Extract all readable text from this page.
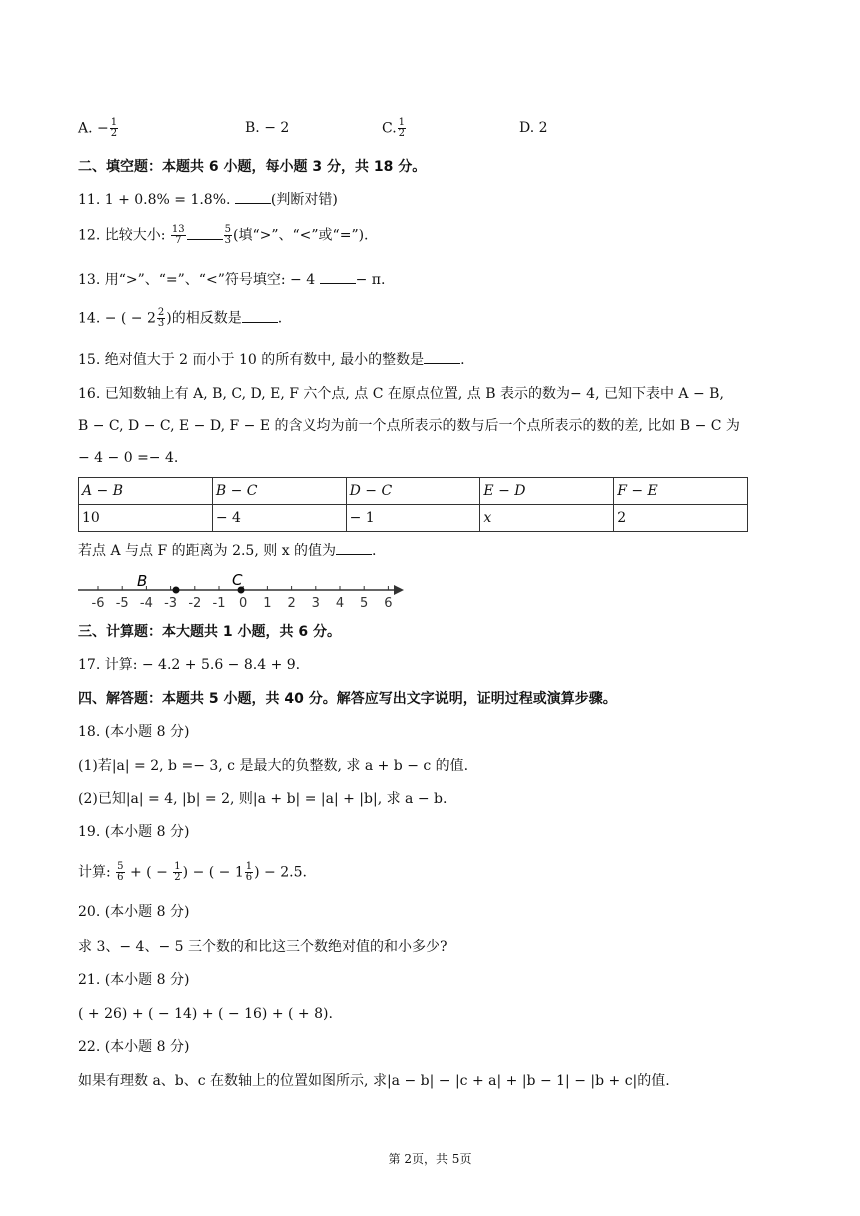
A. − $\frac{1}{2}$	B. − 2	C. $\frac{1}{2}$	D. 2
二、填空题：本题共 6 小题，每小题 3 分，共 18 分。
11. 1 + 0.8% = 1.8%.	(判断对错)
12. 比较大小: $\frac{13}{7}$	$\frac{5}{3}$ (填“>”、“<”或“=”).
13. 用“>”、“=”、“<”符号填空: − 4	− π.
14. − ( − $2 \frac{2}{3}$ )的相反数是	.
15. 绝对值大于 2 而小于 10 的所有数中, 最小的整数是	.
16. 已知数轴上有 A, B, C, D, E, F 六个点, 点 C 在原点位置, 点 B 表示的数为− 4, 已知下表中 A − B,
B − C, D − C, E − D, F − E 的含义均为前一个点所表示的数与后一个点所表示的数的差, 比如 B − C 为
− 4 − 0 =− 4.
A − B	B − C	D − C	E − D	F − E
10	− 4	− 1	x	2
若点 A 与点 F 的距离为 2.5, 则 x 的值为	.
-6 -5 -4 -3 -2 -1 0 1 2 3 4 5 6
B	C
三、计算题：本大题共 1 小题，共 6 分。
17. 计算: − 4.2 + 5.6 − 8.4 + 9.
四、解答题：本题共 5 小题，共 40 分。解答应写出文字说明，证明过程或演算步骤。
18. (本小题 8 分)
(1)若|a| = 2, b =− 3, c 是最大的负整数, 求 a + b − c 的值.
(2)已知|a| = 4, |b| = 2, 则|a + b| = |a| + |b|, 求 a − b.
19. (本小题 8 分)
计算: $\frac{5}{6}$ + ( − $\frac{1}{2}$ ) − ( − $1 \frac{1}{6}$ ) − 2.5.
20. (本小题 8 分)
求 3、− 4、− 5 三个数的和比这三个数绝对值的和小多少?
21. (本小题 8 分)
( + 26) + ( − 14) + ( − 16) + ( + 8).
22. (本小题 8 分)
如果有理数 a、b、c 在数轴上的位置如图所示, 求|a − b| − |c + a| + |b − 1| − |b + c|的值.
第 2页，共 5页
